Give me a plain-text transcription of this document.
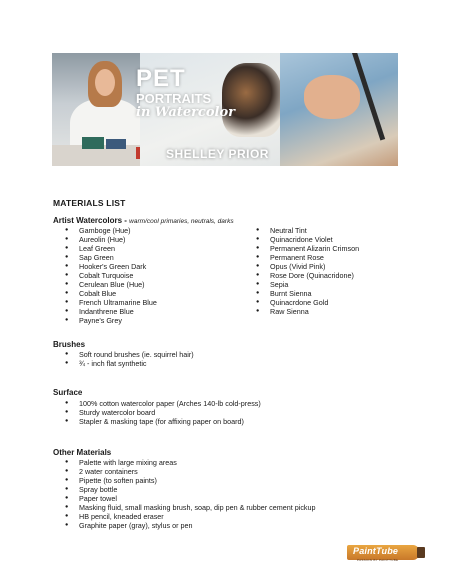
PET
PORTRAITS
in Watercolor
SHELLEY PRIOR
MATERIALS LIST
Artist Watercolors - warm/cool primaries, neutrals, darks
● Gamboge (Hue)
● Aureolin (Hue)
● Leaf Green
● Sap Green
● Hooker's Green Dark
● Cobalt Turquoise
● Cerulean Blue (Hue)
● Cobalt Blue
● French Ultramarine Blue
● Indanthrene Blue
● Payne's Grey
● Neutral Tint
● Quinacridone Violet
● Permanent Alizarin Crimson
● Permanent Rose
● Opus (Vivid Pink)
● Rose Dore (Quinacridone)
● Sepia
● Burnt Sienna
● Quinacrdone Gold
● Raw Sienna
Brushes
● Soft round brushes (ie. squirrel hair)
● ¾ - inch flat synthetic
Surface
● 100% cotton watercolor paper (Arches 140-lb cold-press)
● Sturdy watercolor board
● Stapler & masking tape (for affixing paper on board)
Other Materials
● Palette with large mixing areas
● 2 water containers
● Pipette (to soften paints)
● Spray bottle
● Paper towel
● Masking fluid, small masking brush, soap, dip pen & rubber cement pickup
● HB pencil, kneaded eraser
● Graphite paper (gray), stylus or pen
PaintTube
PASSION BY PAINTTUBE
